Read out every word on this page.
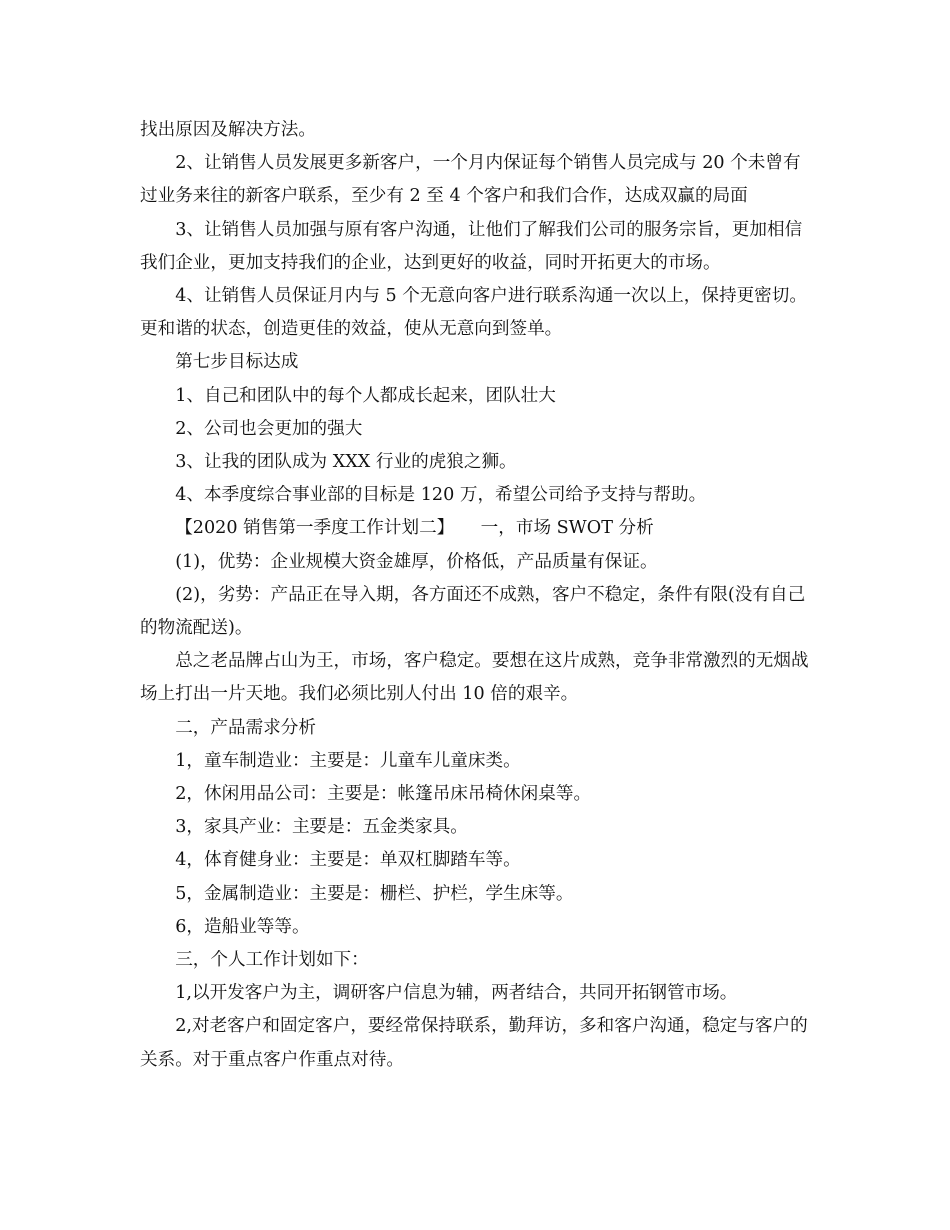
找出原因及解决方法。

2、让销售人员发展更多新客户，一个月内保证每个销售人员完成与 20 个未曾有过业务来往的新客户联系，至少有 2 至 4 个客户和我们合作，达成双赢的局面

3、让销售人员加强与原有客户沟通，让他们了解我们公司的服务宗旨，更加相信我们企业，更加支持我们的企业，达到更好的收益，同时开拓更大的市场。

4、让销售人员保证月内与 5 个无意向客户进行联系沟通一次以上，保持更密切。更和谐的状态，创造更佳的效益，使从无意向到签单。

第七步目标达成

1、自己和团队中的每个人都成长起来，团队壮大

2、公司也会更加的强大

3、让我的团队成为 XXX 行业的虎狼之狮。

4、本季度综合事业部的目标是 120 万，希望公司给予支持与帮助。

【2020 销售第一季度工作计划二】　　一，市场 SWOT 分析

(1)，优势：企业规模大资金雄厚，价格低，产品质量有保证。

(2)，劣势：产品正在导入期，各方面还不成熟，客户不稳定，条件有限(没有自己的物流配送)。

总之老品牌占山为王，市场，客户稳定。要想在这片成熟，竞争非常激烈的无烟战场上打出一片天地。我们必须比别人付出 10 倍的艰辛。

二，产品需求分析

1，童车制造业：主要是：儿童车儿童床类。

2，休闲用品公司：主要是：帐篷吊床吊椅休闲桌等。

3，家具产业：主要是：五金类家具。

4，体育健身业：主要是：单双杠脚踏车等。

5，金属制造业：主要是：栅栏、护栏，学生床等。

6，造船业等等。

三，个人工作计划如下：

1,以开发客户为主，调研客户信息为辅，两者结合，共同开拓钢管市场。

2,对老客户和固定客户，要经常保持联系，勤拜访，多和客户沟通，稳定与客户的关系。对于重点客户作重点对待。
